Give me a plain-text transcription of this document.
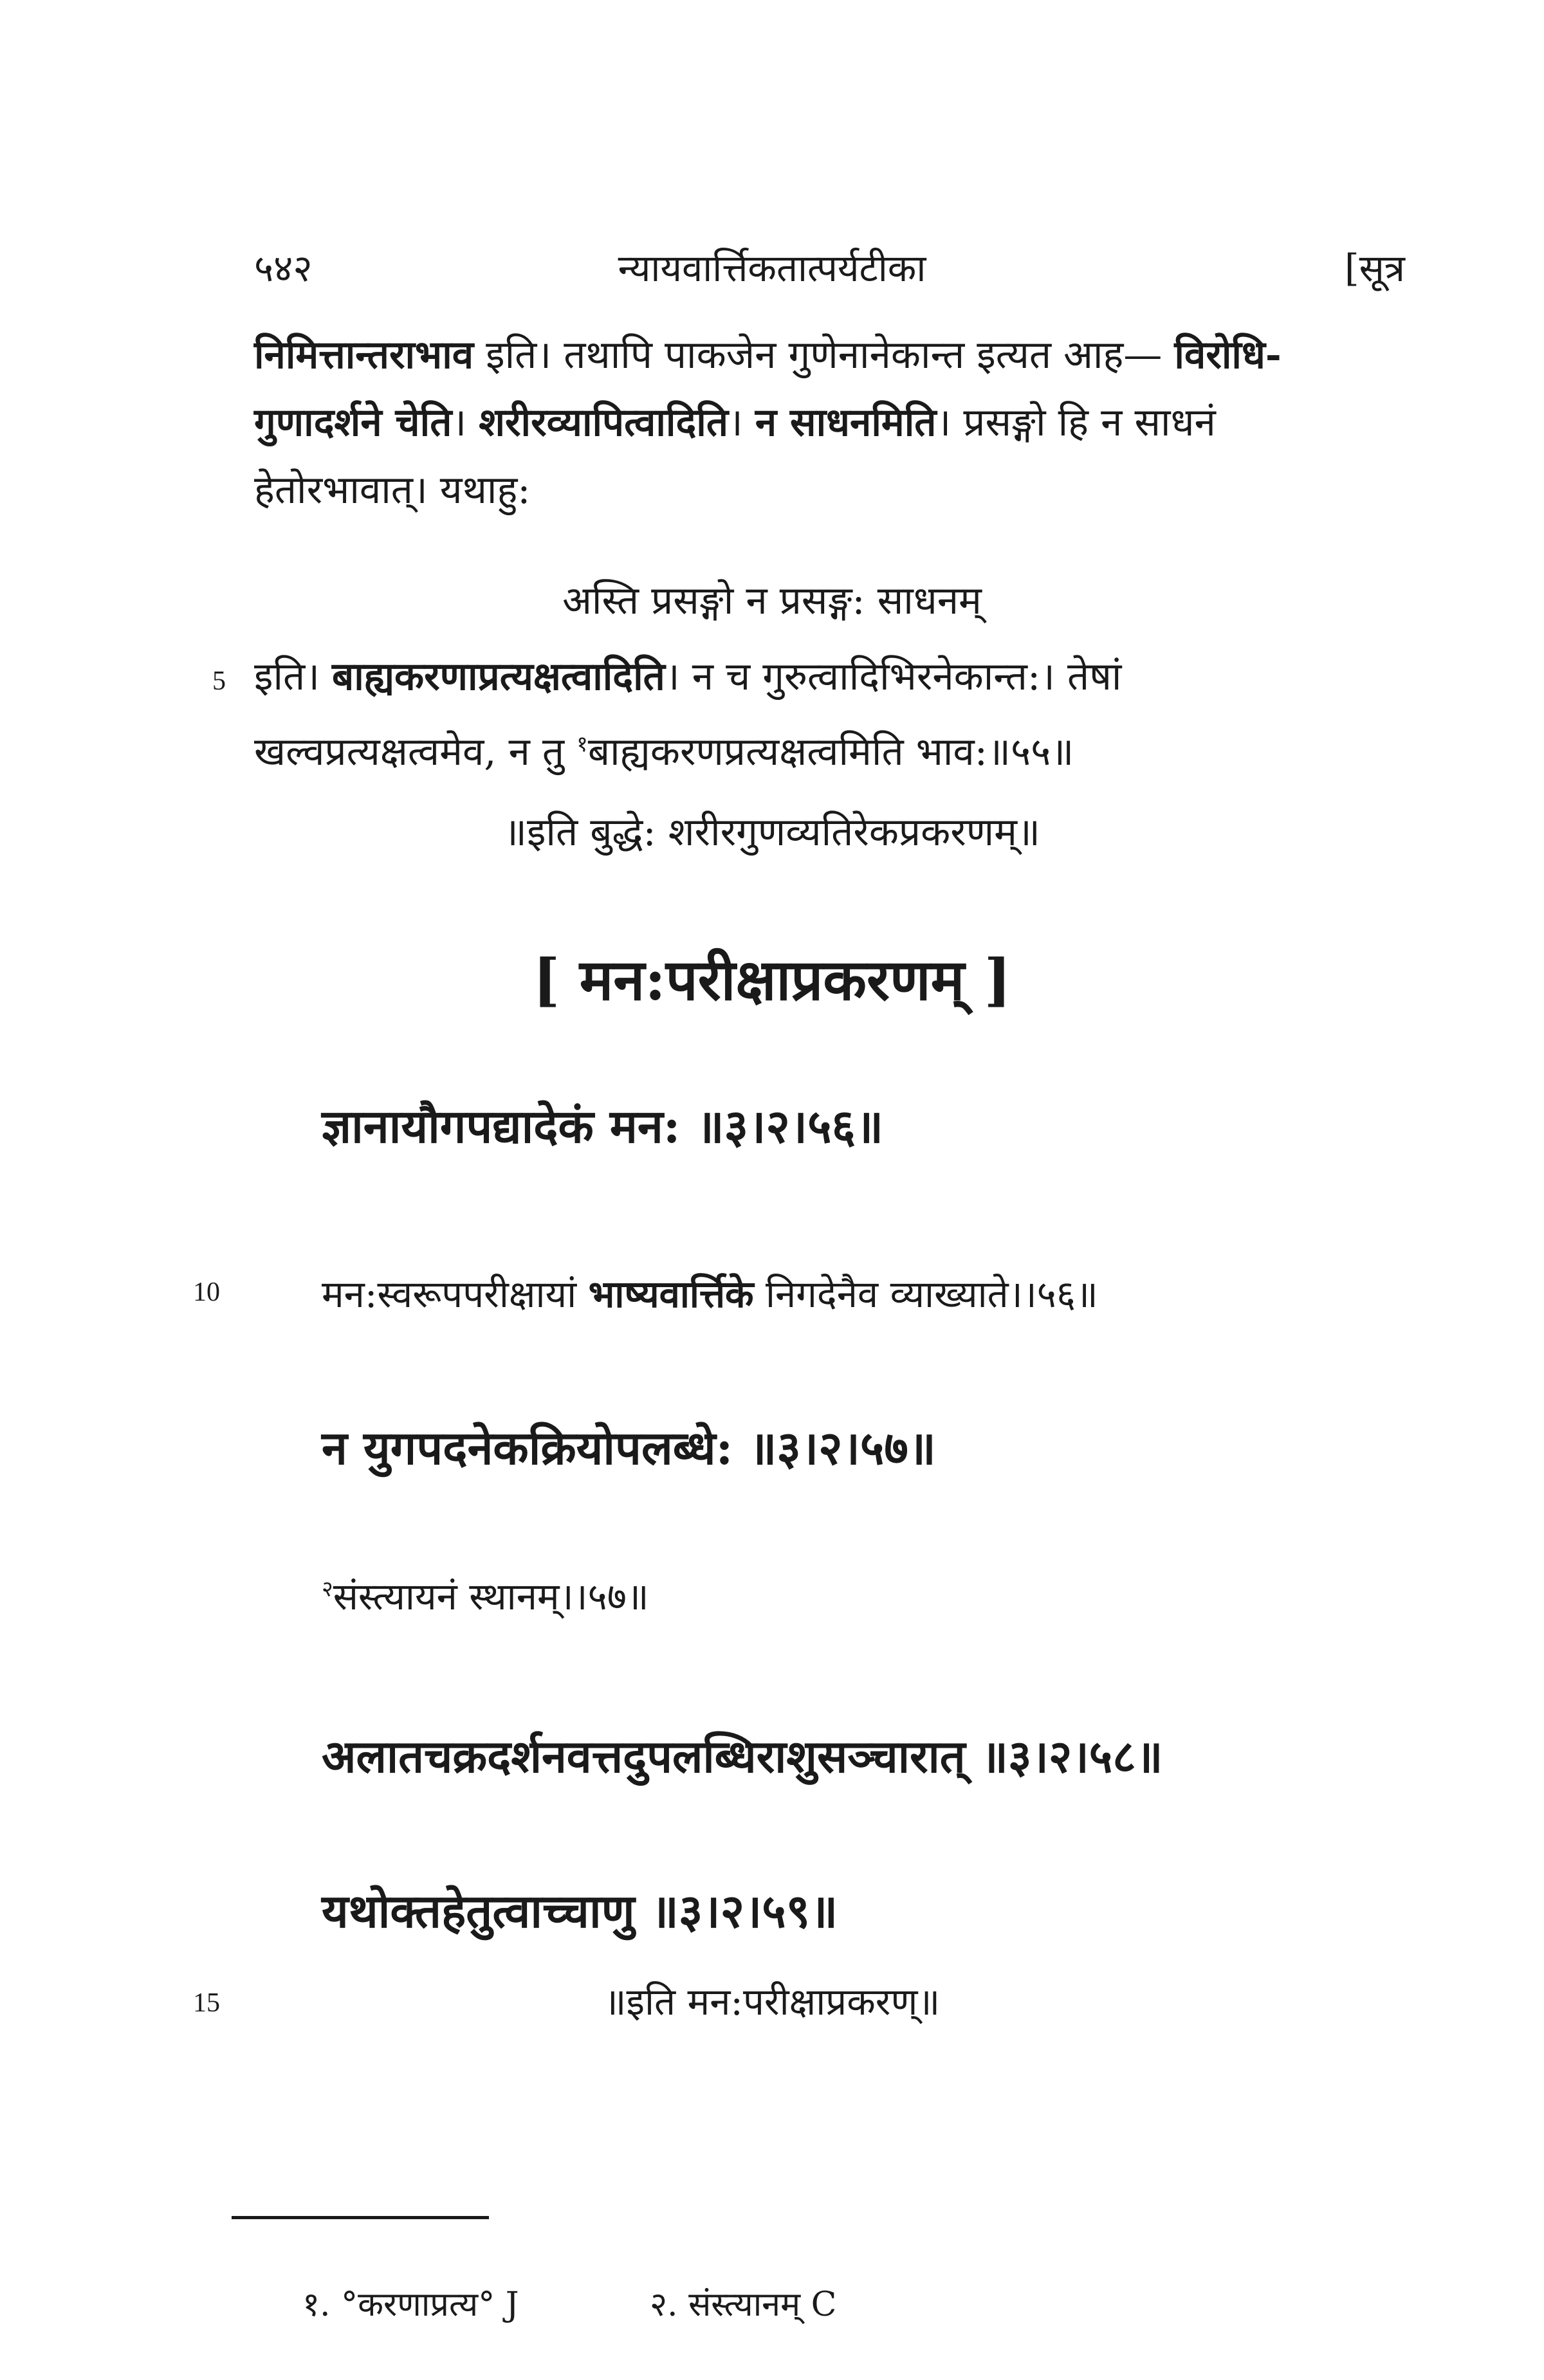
५४२	न्यायवार्त्तिकतात्पर्यटीका	[सूत्र
निमित्तान्तराभाव इति। तथापि पाकजेन गुणेनानेकान्त इत्यत आह— विरोधि-
गुणादर्शने चेति। शरीरव्यापित्वादिति। न साधनमिति। प्रसङ्गो हि न साधनं
हेतोरभावात्। यथाहु:
अस्ति प्रसङ्गो न प्रसङ्ग: साधनम्
5 इति। बाह्यकरणाप्रत्यक्षत्वादिति। न च गुरुत्वादिभिरनेकान्त:। तेषां
खल्वप्रत्यक्षत्वमेव, न तु $^१$बाह्यकरणप्रत्यक्षत्वमिति भाव:॥५५॥
॥इति बुद्धे: शरीरगुणव्यतिरेकप्रकरणम्॥
[ मन:परीक्षाप्रकरणम् ]
ज्ञानायौगपद्यादेकं मन: ॥३।२।५६॥
10	मन:स्वरूपपरीक्षायां भाष्यवार्त्तिके निगदेनैव व्याख्याते।।५६॥
न युगपदनेकक्रियोपलब्धे: ॥३।२।५७॥
$^२$संस्त्यायनं स्थानम्।।५७॥
अलातचक्रदर्शनवत्तदुपलब्धिराशुसञ्चारात् ॥३।२।५८॥
यथोक्तहेतुत्वाच्चाणु ॥३।२।५९॥
15	॥इति मन:परीक्षाप्रकरण्॥
१. °करणाप्रत्य° J	२. संस्त्यानम् C
